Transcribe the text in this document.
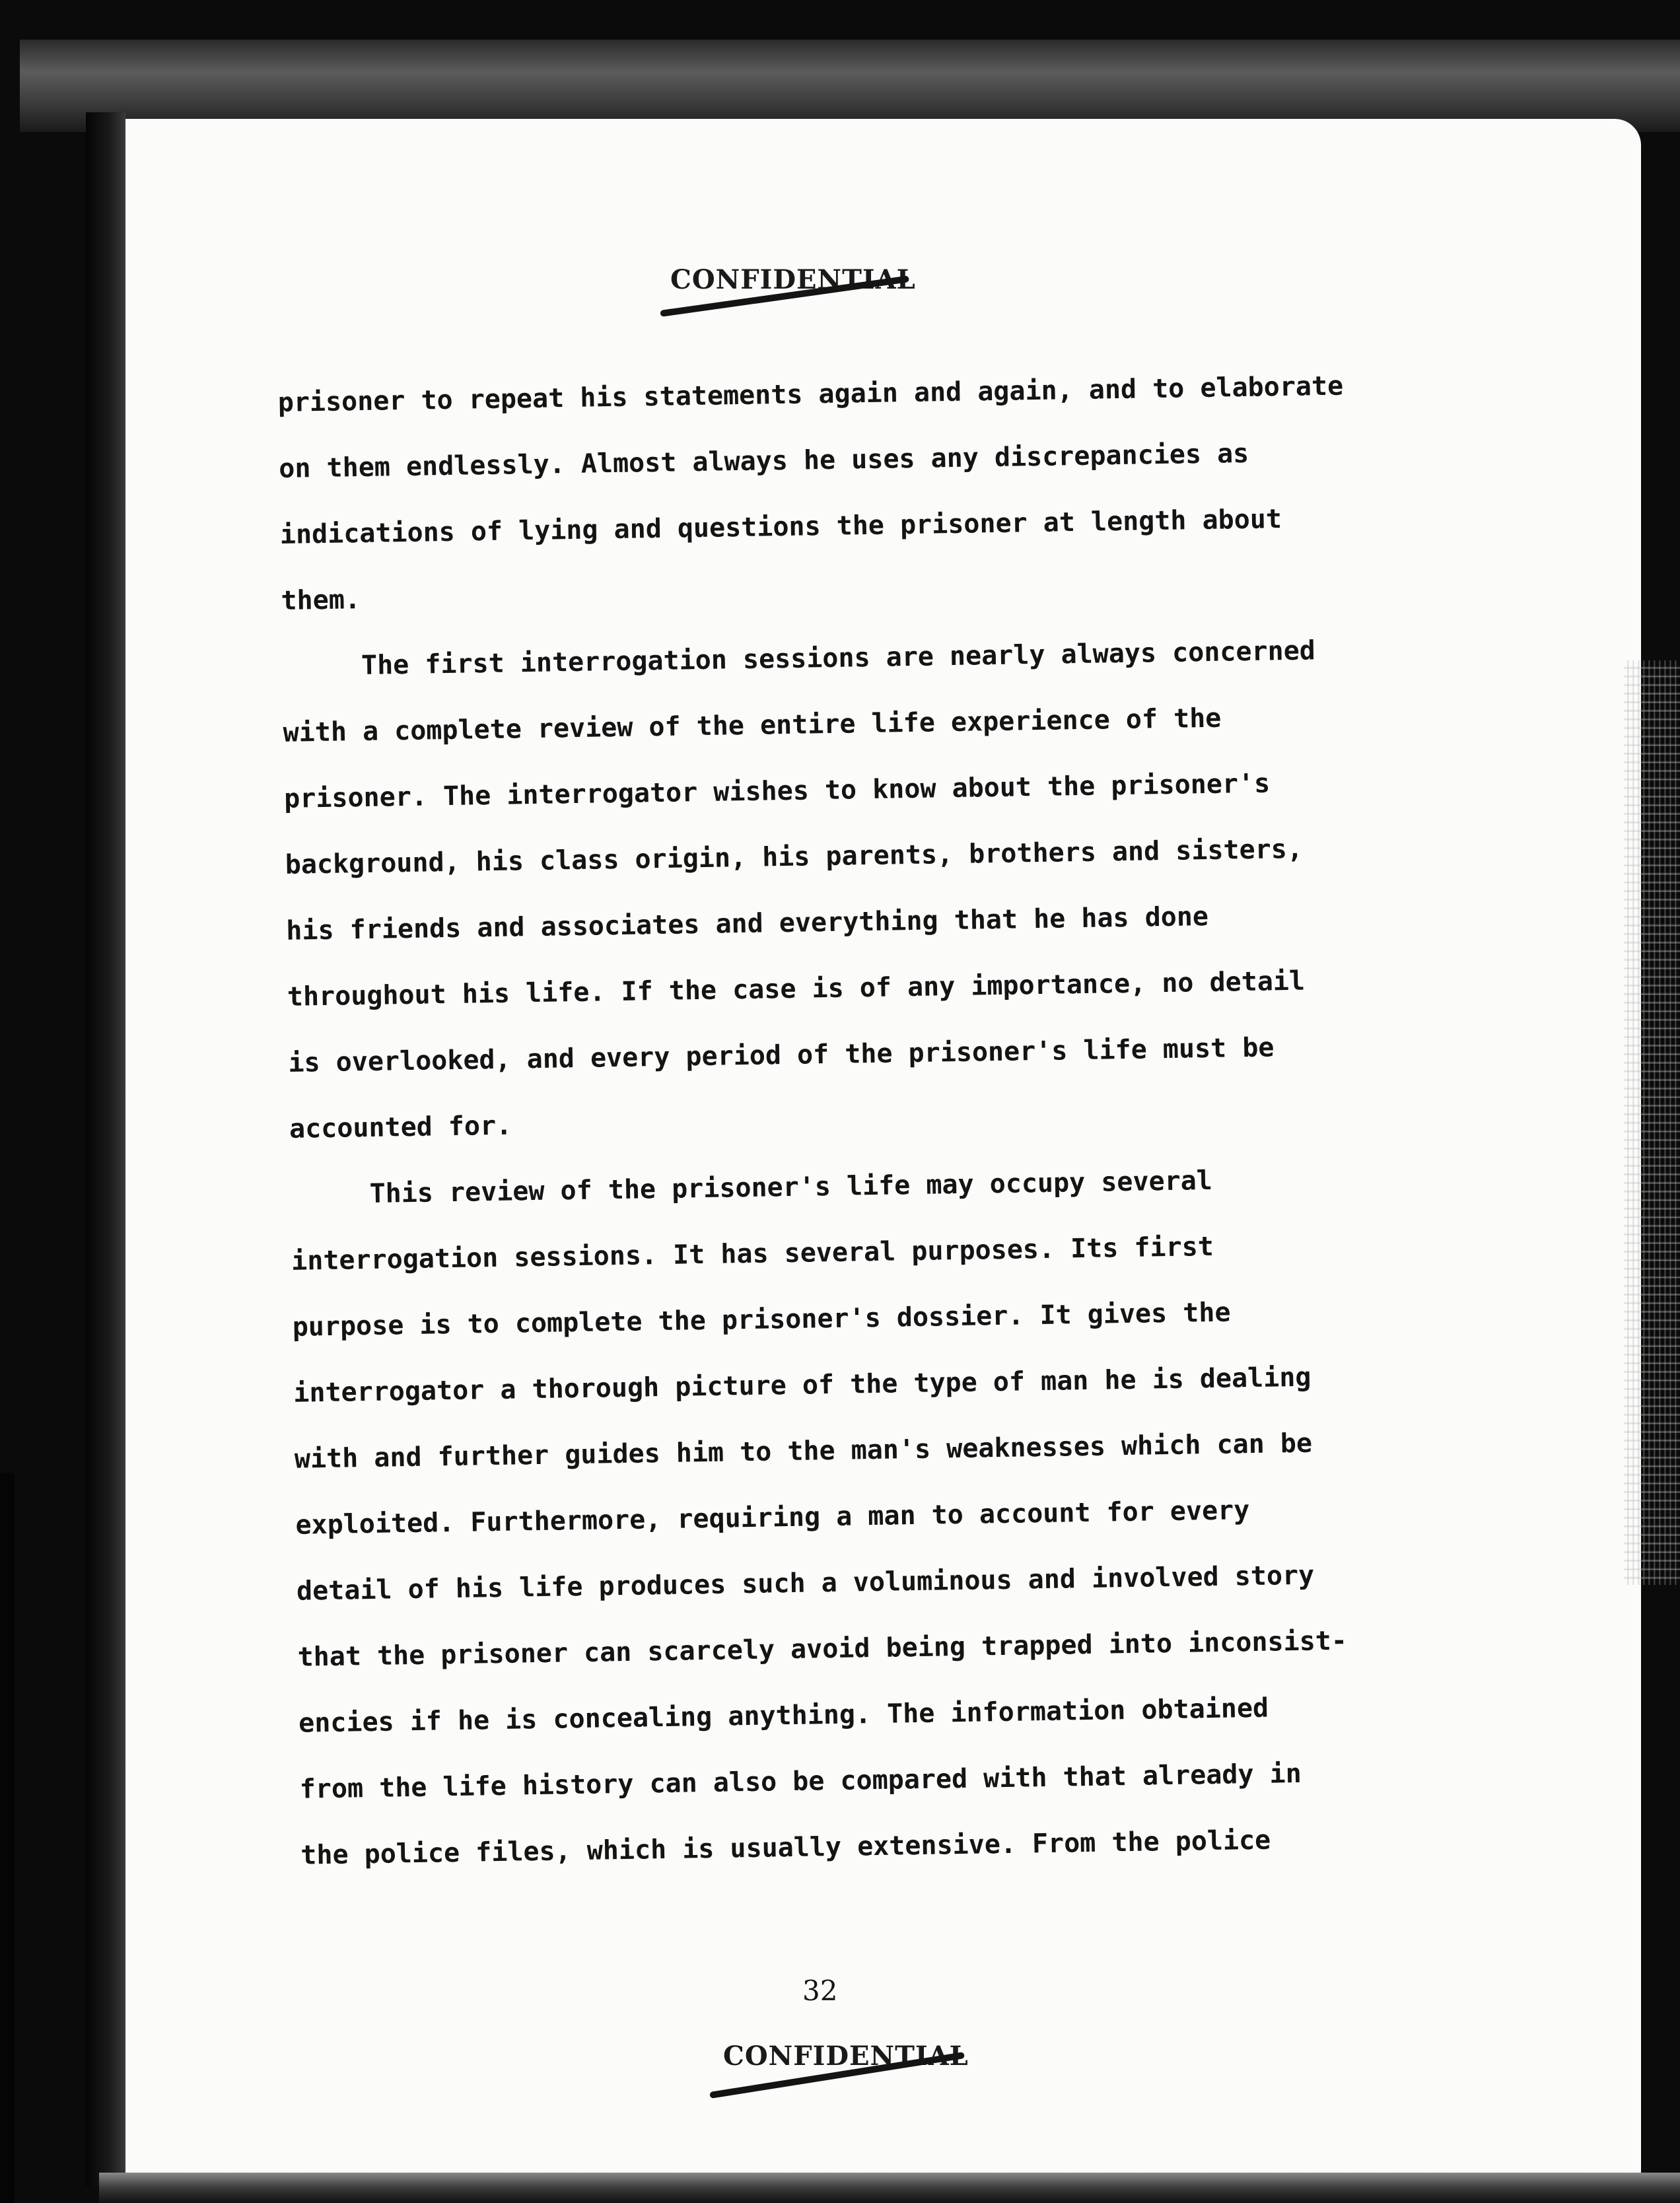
CONFIDENTIAL
prisoner to repeat his statements again and again, and to elaborate
on them endlessly. Almost always he uses any discrepancies as
indications of lying and questions the prisoner at length about
them.
The first interrogation sessions are nearly always concerned
with a complete review of the entire life experience of the
prisoner. The interrogator wishes to know about the prisoner's
background, his class origin, his parents, brothers and sisters,
his friends and associates and everything that he has done
throughout his life. If the case is of any importance, no detail
is overlooked, and every period of the prisoner's life must be
accounted for.
This review of the prisoner's life may occupy several
interrogation sessions. It has several purposes. Its first
purpose is to complete the prisoner's dossier. It gives the
interrogator a thorough picture of the type of man he is dealing
with and further guides him to the man's weaknesses which can be
exploited. Furthermore, requiring a man to account for every
detail of his life produces such a voluminous and involved story
that the prisoner can scarcely avoid being trapped into inconsist-
encies if he is concealing anything. The information obtained
from the life history can also be compared with that already in
the police files, which is usually extensive. From the police
32
CONFIDENTIAL
